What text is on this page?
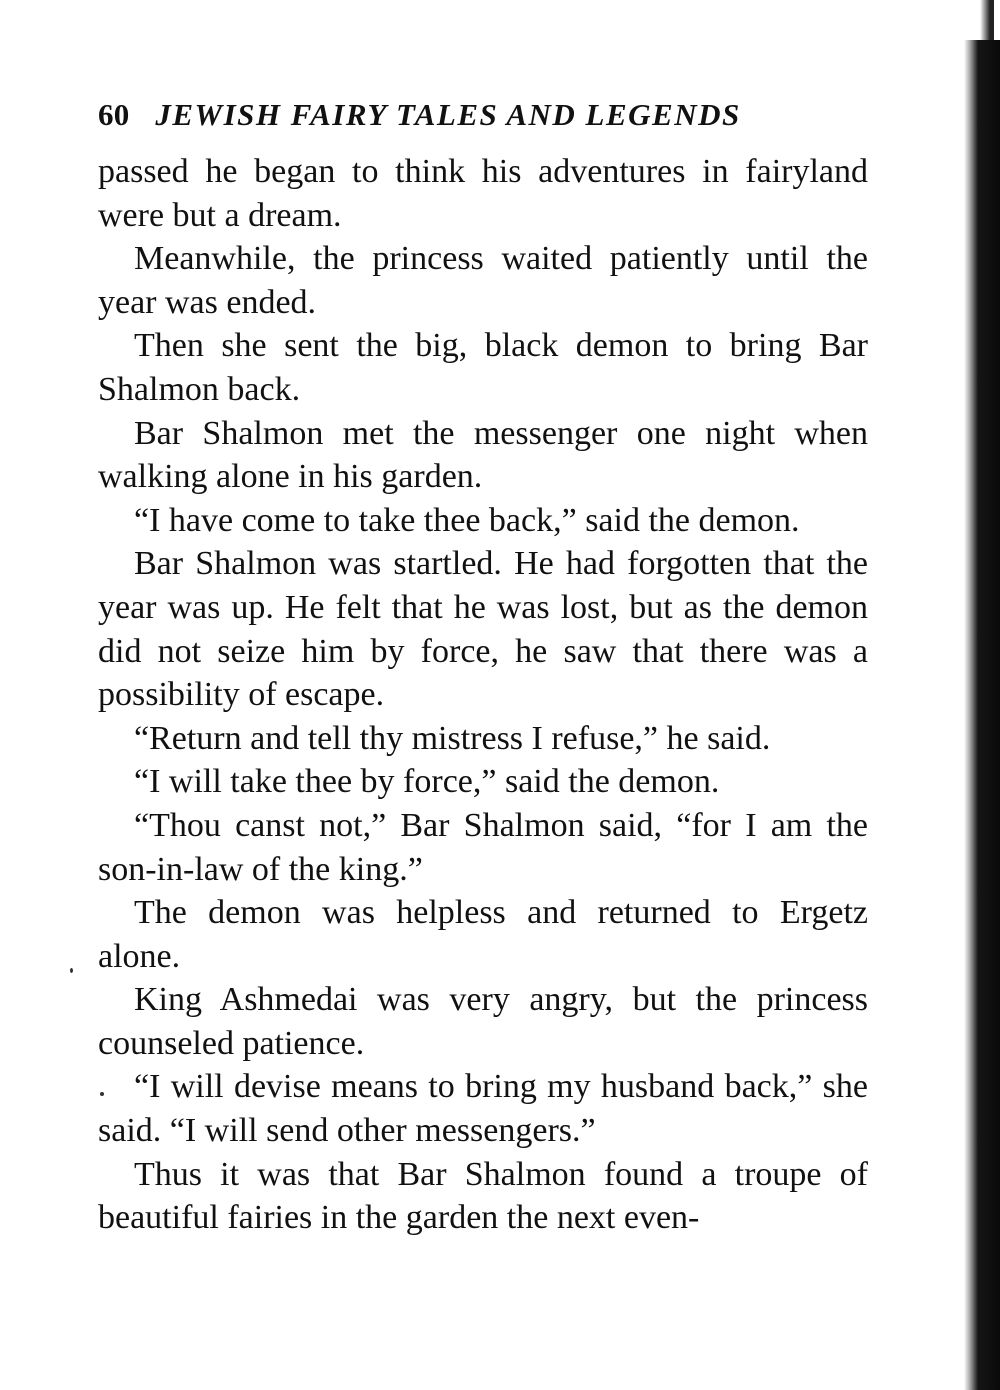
60 JEWISH FAIRY TALES AND LEGENDS

passed he began to think his adventures in fairyland were but a dream.

Meanwhile, the princess waited patiently until the year was ended.

Then she sent the big, black demon to bring Bar Shalmon back.

Bar Shalmon met the messenger one night when walking alone in his garden.

“I have come to take thee back,” said the demon.

Bar Shalmon was startled. He had forgotten that the year was up. He felt that he was lost, but as the demon did not seize him by force, he saw that there was a possibility of escape.

“Return and tell thy mistress I refuse,” he said.

“I will take thee by force,” said the demon.

“Thou canst not,” Bar Shalmon said, “for I am the son-in-law of the king.”

The demon was helpless and returned to Ergetz alone.

King Ashmedai was very angry, but the princess counseled patience.

“I will devise means to bring my husband back,” she said. “I will send other messengers.”

Thus it was that Bar Shalmon found a troupe of beautiful fairies in the garden the next even-
